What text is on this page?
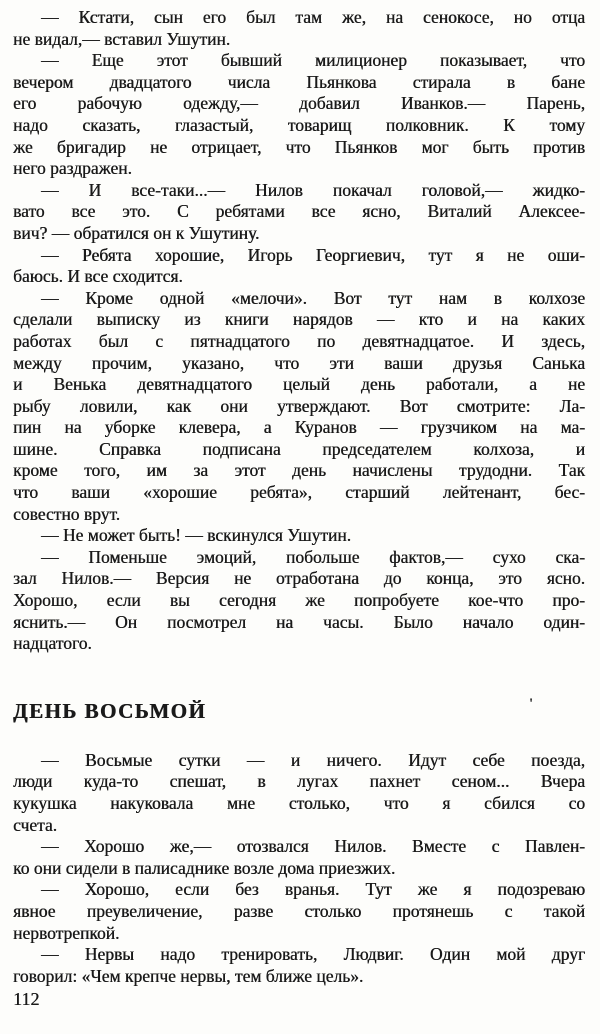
— Кстати, сын его был там же, на сенокосе, но отца
не видал,— вставил Ушутин.

— Еще этот бывший милиционер показывает, что
вечером двадцатого числа Пьянкова стирала в бане
его рабочую одежду,— добавил Иванков.— Парень,
надо сказать, глазастый, товарищ полковник. К тому
же бригадир не отрицает, что Пьянков мог быть против
него раздражен.

— И все-таки...— Нилов покачал головой,— жидко-
вато все это. С ребятами все ясно, Виталий Алексее-
вич? — обратился он к Ушутину.

— Ребята хорошие, Игорь Георгиевич, тут я не оши-
баюсь. И все сходится.

— Кроме одной «мелочи». Вот тут нам в колхозе
сделали выписку из книги нарядов — кто и на каких
работах был с пятнадцатого по девятнадцатое. И здесь,
между прочим, указано, что эти ваши друзья Санька
и Венька девятнадцатого целый день работали, а не
рыбу ловили, как они утверждают. Вот смотрите: Ла-
пин на уборке клевера, а Куранов — грузчиком на ма-
шине. Справка подписана председателем колхоза, и
кроме того, им за этот день начислены трудодни. Так
что ваши «хорошие ребята», старший лейтенант, бес-
совестно врут.

— Не может быть! — вскинулся Ушутин.

— Поменьше эмоций, побольше фактов,— сухо ска-
зал Нилов.— Версия не отработана до конца, это ясно.
Хорошо, если вы сегодня же попробуете кое-что про-
яснить.— Он посмотрел на часы. Было начало один-
надцатого.

ДЕНЬ ВОСЬМОЙ	'

— Восьмые сутки — и ничего. Идут себе поезда,
люди куда-то спешат, в лугах пахнет сеном... Вчера
кукушка накуковала мне столько, что я сбился со
счета.

— Хорошо же,— отозвался Нилов. Вместе с Павлен-
ко они сидели в палисаднике возле дома приезжих.

— Хорошо, если без вранья. Тут же я подозреваю
явное преувеличение, разве столько протянешь с такой
нервотрепкой.

— Нервы надо тренировать, Людвиг. Один мой друг
говорил: «Чем крепче нервы, тем ближе цель».

112
